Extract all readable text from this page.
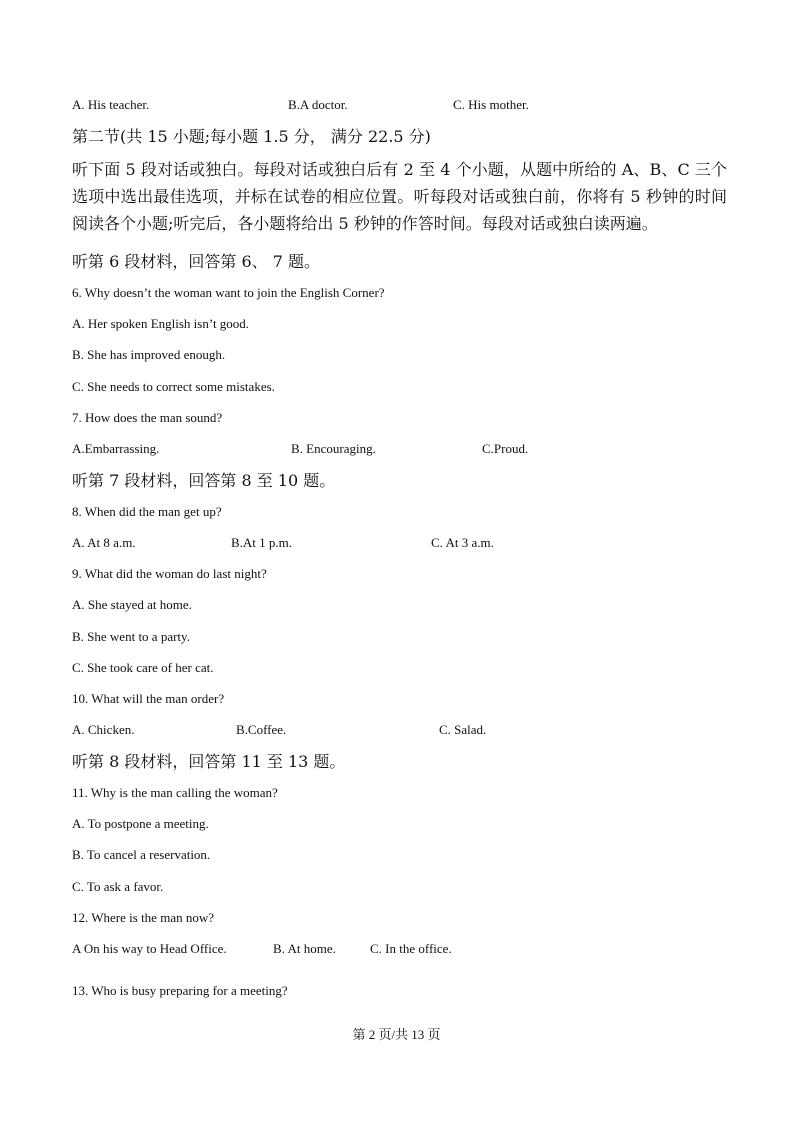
A. His teacher.	B.A doctor.	C. His mother.
第二节(共 15 小题;每小题 1.5 分， 满分 22.5 分)
听下面 5 段对话或独白。每段对话或独白后有 2 至 4 个小题，从题中所给的 A、B、C 三个选项中选出最佳选项，并标在试卷的相应位置。听每段对话或独白前，你将有 5 秒钟的时间阅读各个小题;听完后，各小题将给出 5 秒钟的作答时间。每段对话或独白读两遍。
听第 6 段材料，回答第 6、 7 题。
6. Why doesn’t the woman want to join the English Corner?
A. Her spoken English isn’t good.
B. She has improved enough.
C. She needs to correct some mistakes.
7. How does the man sound?
A.Embarrassing.	B. Encouraging.	C.Proud.
听第 7 段材料，回答第 8 至 10 题。
8. When did the man get up?
A. At 8 a.m.	B.At 1 p.m.	C. At 3 a.m.
9. What did the woman do last night?
A. She stayed at home.
B. She went to a party.
C. She took care of her cat.
10. What will the man order?
A. Chicken.	B.Coffee.	C. Salad.
听第 8 段材料，回答第 11 至 13 题。
11. Why is the man calling the woman?
A. To postpone a meeting.
B. To cancel a reservation.
C. To ask a favor.
12. Where is the man now?
A On his way to Head Office.	B. At home.	C. In the office.
13. Who is busy preparing for a meeting?
第 2 页/共 13 页
